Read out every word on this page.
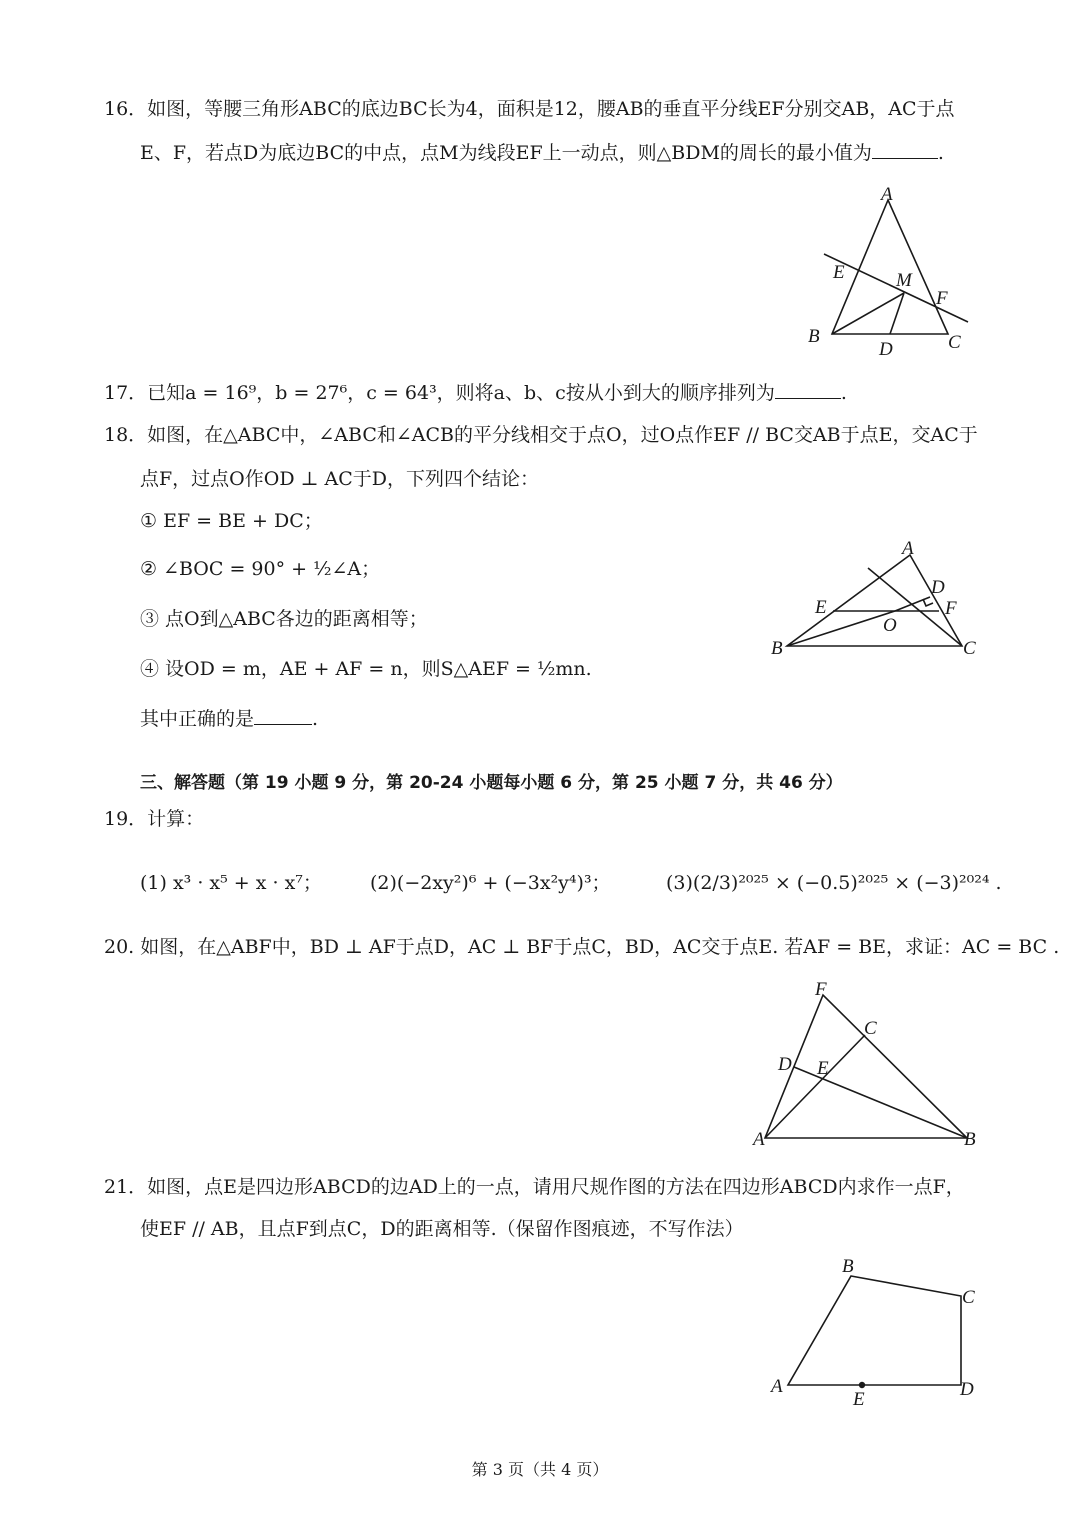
16．如图，等腰三角形ABC的底边BC长为4，面积是12，腰AB的垂直平分线EF分别交AB，AC于点
E、F，若点D为底边BC的中点，点M为线段EF上一动点，则△BDM的周长的最小值为	.
A
E	M
F
B
D	C
17．已知a = 16⁹，b = 27⁶，c = 64³，则将a、b、c按从小到大的顺序排列为	.
18．如图，在△ABC中，∠ABC和∠ACB的平分线相交于点O，过O点作EF // BC交AB于点E，交AC于
点F，过点O作OD ⊥ AC于D，下列四个结论：
① EF = BE + DC；
② ∠BOC = 90° + ½∠A；
③ 点O到△ABC各边的距离相等；
④ 设OD = m，AE + AF = n，则S△AEF = ½mn.
其中正确的是	.
A
D
E	F
O
B	C
三、解答题（第 19 小题 9 分，第 20-24 小题每小题 6 分，第 25 小题 7 分，共 46 分）
19．计算：
(1) x³ · x⁵ + x · x⁷；	(2)(−2xy²)⁶ + (−3x²y⁴)³；	(3)(2/3)²⁰²⁵ × (−0.5)²⁰²⁵ × (−3)²⁰²⁴ .
20. 如图，在△ABF中，BD ⊥ AF于点D，AC ⊥ BF于点C，BD，AC交于点E. 若AF = BE，求证：AC = BC .
F
C
D E
A	B
21．如图，点E是四边形ABCD的边AD上的一点，请用尺规作图的方法在四边形ABCD内求作一点F，
使EF // AB，且点F到点C，D的距离相等.（保留作图痕迹，不写作法）
B
C
A
E	D
第 3 页（共 4 页）
